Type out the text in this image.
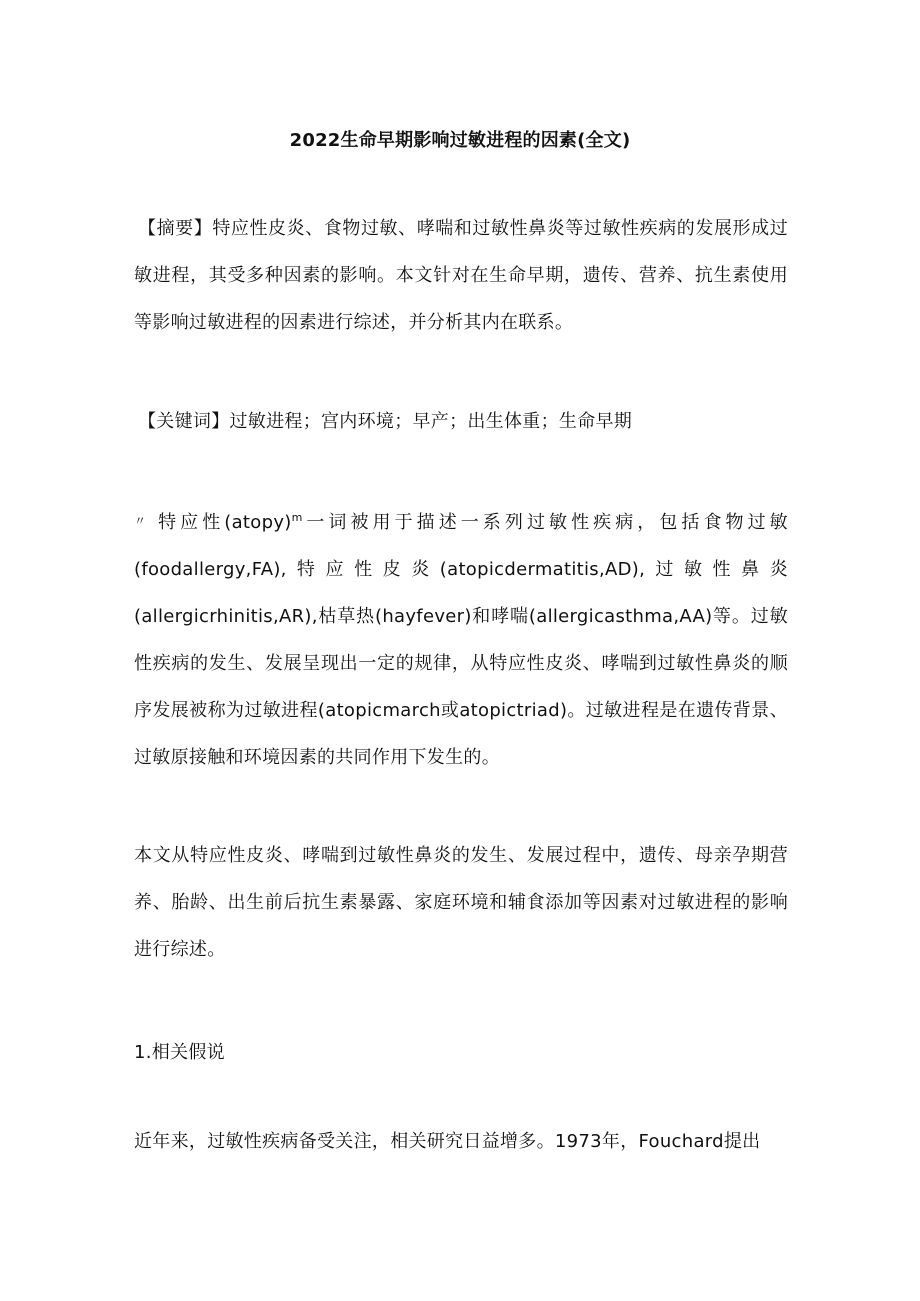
2022生命早期影响过敏进程的因素(全文)

【摘要】特应性皮炎、食物过敏、哮喘和过敏性鼻炎等过敏性疾病的发展形成过敏进程，其受多种因素的影响。本文针对在生命早期，遗传、营养、抗生素使用等影响过敏进程的因素进行综述，并分析其内在联系。

【关键词】过敏进程；宫内环境；早产；出生体重；生命早期

〃 特应性(atopy)$^m$一词被用于描述一系列过敏性疾病，包括食物过敏(foodallergy,FA),特应性皮炎(atopicdermatitis,AD),过敏性鼻炎(allergicrhinitis,AR),枯草热(hayfever)和哮喘(allergicasthma,AA)等。过敏性疾病的发生、发展呈现出一定的规律，从特应性皮炎、哮喘到过敏性鼻炎的顺序发展被称为过敏进程(atopicmarch或atopictriad)。过敏进程是在遗传背景、过敏原接触和环境因素的共同作用下发生的。

本文从特应性皮炎、哮喘到过敏性鼻炎的发生、发展过程中，遗传、母亲孕期营养、胎龄、出生前后抗生素暴露、家庭环境和辅食添加等因素对过敏进程的影响进行综述。

1.相关假说

近年来，过敏性疾病备受关注，相关研究日益增多。1973年，Fouchard提出
